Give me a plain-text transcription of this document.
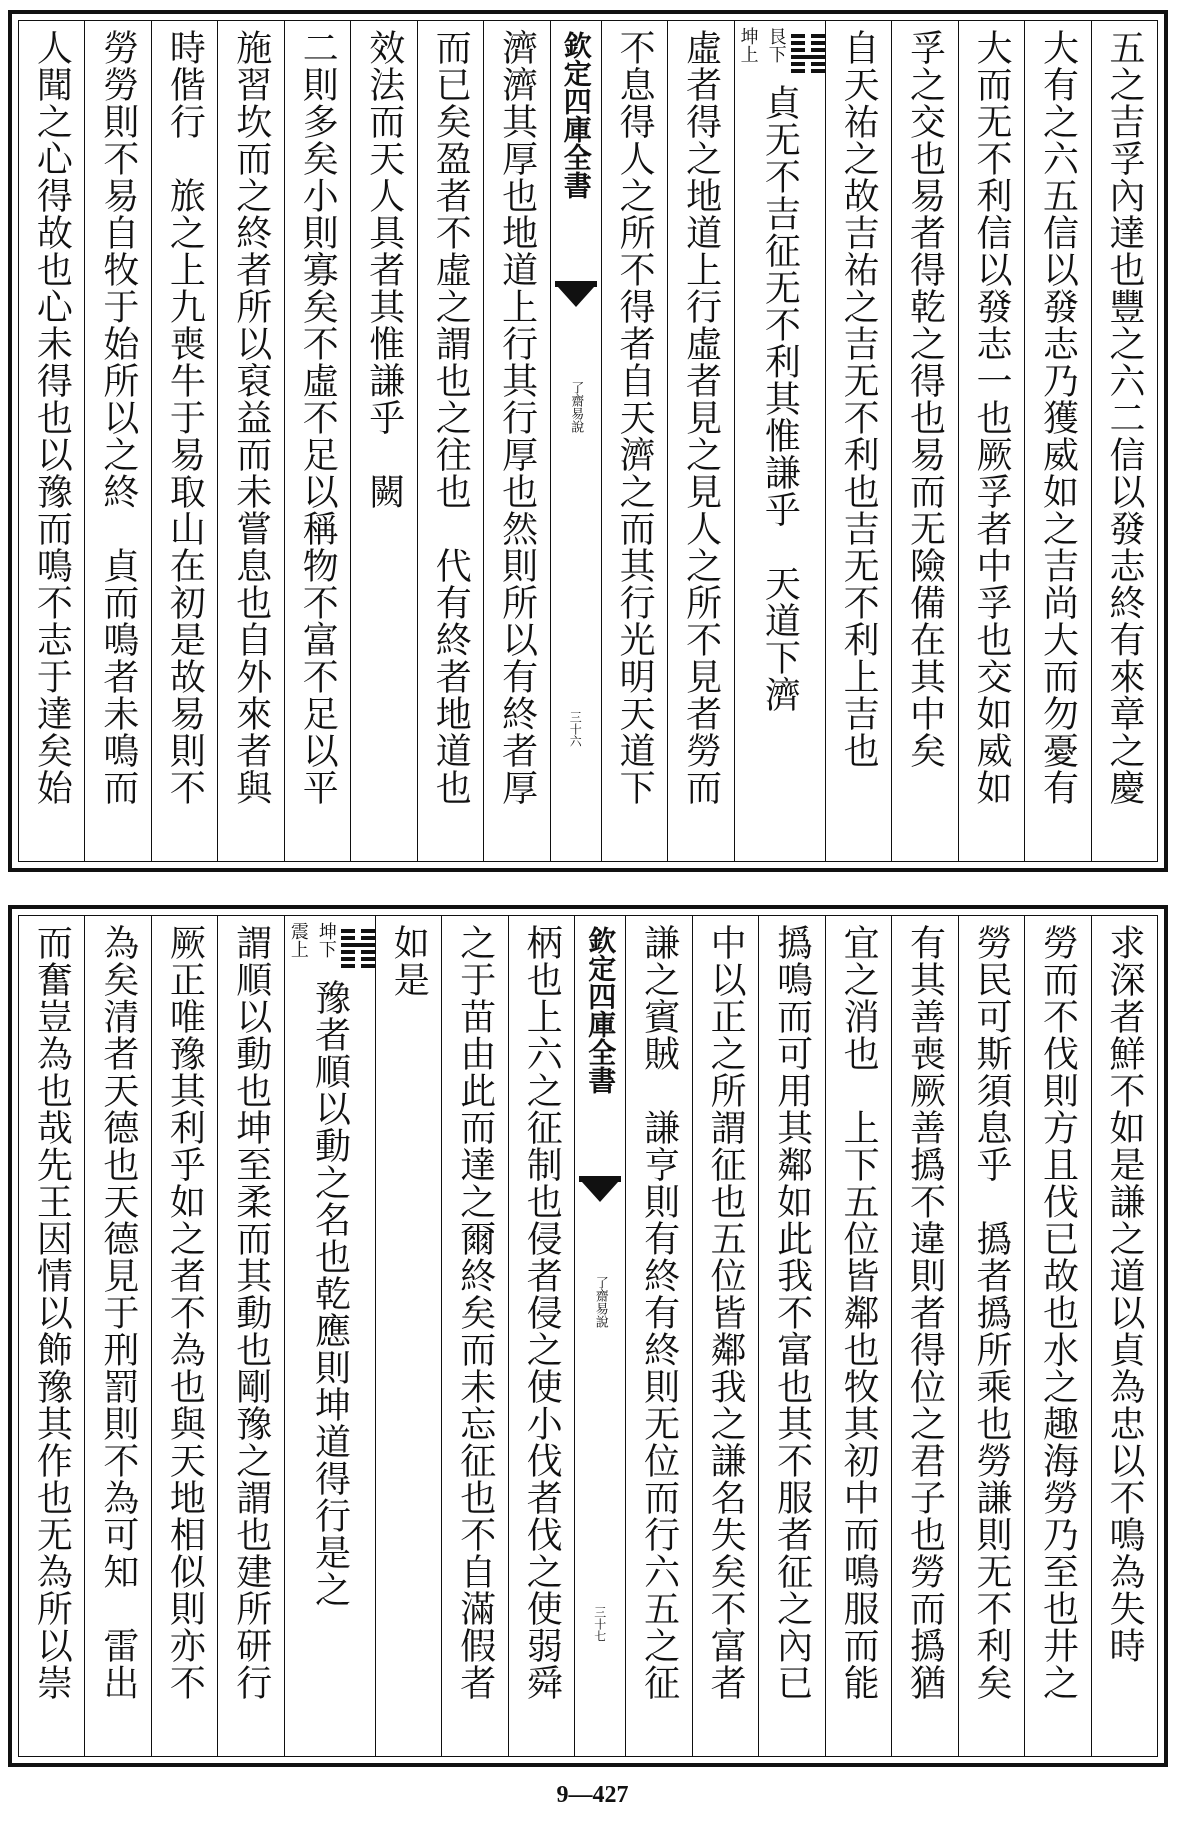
五之吉孚內達也豐之六二信以發志終有來章之慶
大有之六五信以發志乃獲威如之吉尚大而勿憂有
大而无不利信以發志一也厥孚者中孚也交如威如
孚之交也易者得乾之得也易而无險備在其中矣
自天祐之故吉祐之吉无不利也吉无不利上吉也
艮下
坤上
貞无不吉征无不利其惟謙乎　天道下濟
虛者得之地道上行虛者見之見人之所不見者勞而
不息得人之所不得者自天濟之而其行光明天道下
欽定四庫全書
了齋易說
三十六
濟濟其厚也地道上行其行厚也然則所以有終者厚
而已矣盈者不虛之謂也之往也　代有終者地道也
效法而天人具者其惟謙乎　闕
二則多矣小則寡矣不虛不足以稱物不富不足以平
施習坎而之終者所以裒益而未嘗息也自外來者與
時偕行　旅之上九喪牛于易取山在初是故易則不
勞勞則不易自牧于始所以之終　貞而鳴者未鳴而
人聞之心得故也心未得也以豫而鳴不志于達矣始
求深者鮮不如是謙之道以貞為忠以不鳴為失時
勞而不伐則方且伐已故也水之趣海勞乃至也井之
勞民可斯須息乎　撝者撝所乘也勞謙則无不利矣
有其善喪厥善撝不違則者得位之君子也勞而撝猶
宜之消也　上下五位皆鄰也牧其初中而鳴服而能
撝鳴而可用其鄰如此我不富也其不服者征之內已
中以正之所謂征也五位皆鄰我之謙名失矣不富者
謙之賓賊　謙亨則有終有終則无位而行六五之征
欽定四庫全書
了齋易說
三十七
柄也上六之征制也侵者侵之使小伐者伐之使弱舜
之于苗由此而達之爾終矣而未忘征也不自滿假者
如是
坤下
震上
豫者順以動之名也乾應則坤道得行是之
謂順以動也坤至柔而其動也剛豫之謂也建所研行
厥正唯豫其利乎如之者不為也與天地相似則亦不
為矣清者天德也天德見于刑罰則不為可知　雷出
而奮豈為也哉先王因情以飾豫其作也无為所以崇
9—427
